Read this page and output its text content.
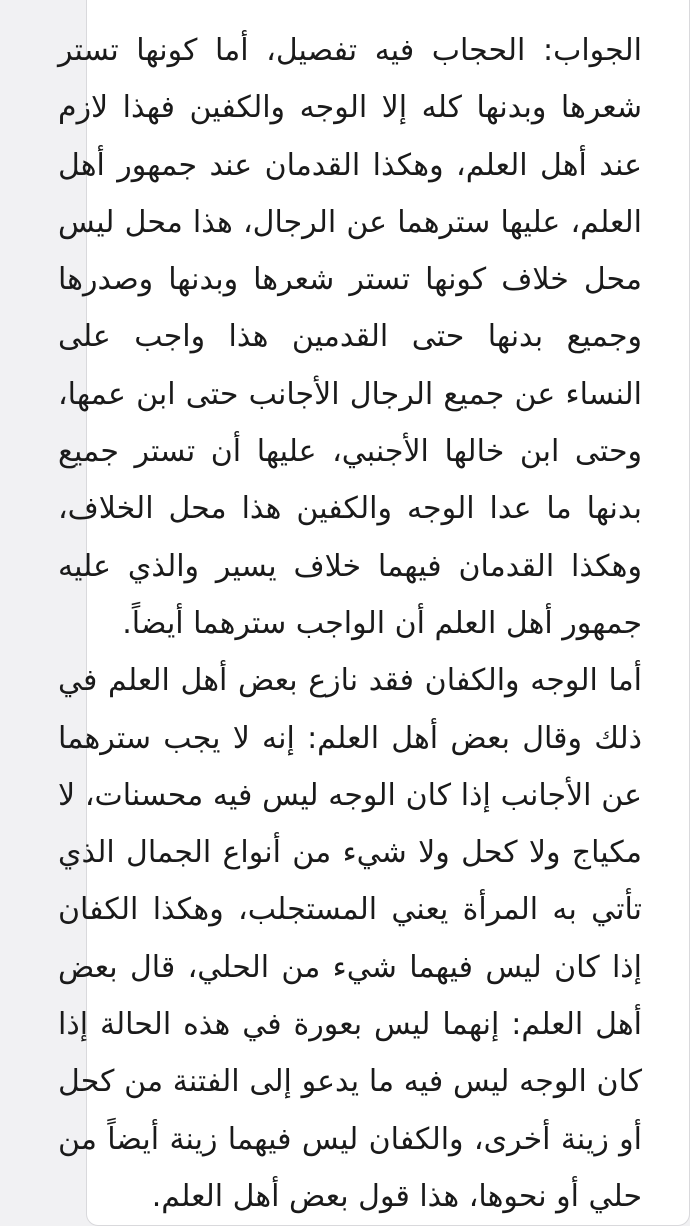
الجواب: الحجاب فيه تفصيل، أما كونها تستر شعرها وبدنها كله إلا الوجه والكفين فهذا لازم عند أهل العلم، وهكذا القدمان عند جمهور أهل العلم، عليها سترهما عن الرجال، هذا محل ليس محل خلاف كونها تستر شعرها وبدنها وصدرها وجميع بدنها حتى القدمين هذا واجب على النساء عن جميع الرجال الأجانب حتى ابن عمها، وحتى ابن خالها الأجنبي، عليها أن تستر جميع بدنها ما عدا الوجه والكفين هذا محل الخلاف، وهكذا القدمان فيهما خلاف يسير والذي عليه جمهور أهل العلم أن الواجب سترهما أيضاً.

أما الوجه والكفان فقد نازع بعض أهل العلم في ذلك وقال بعض أهل العلم: إنه لا يجب سترهما عن الأجانب إذا كان الوجه ليس فيه محسنات، لا مكياج ولا كحل ولا شيء من أنواع الجمال الذي تأتي به المرأة يعني المستجلب، وهكذا الكفان إذا كان ليس فيهما شيء من الحلي، قال بعض أهل العلم: إنهما ليس بعورة في هذه الحالة إذا كان الوجه ليس فيه ما يدعو إلى الفتنة من كحل أو زينة أخرى، والكفان ليس فيهما زينة أيضاً من حلي أو نحوها، هذا قول بعض أهل العلم.
